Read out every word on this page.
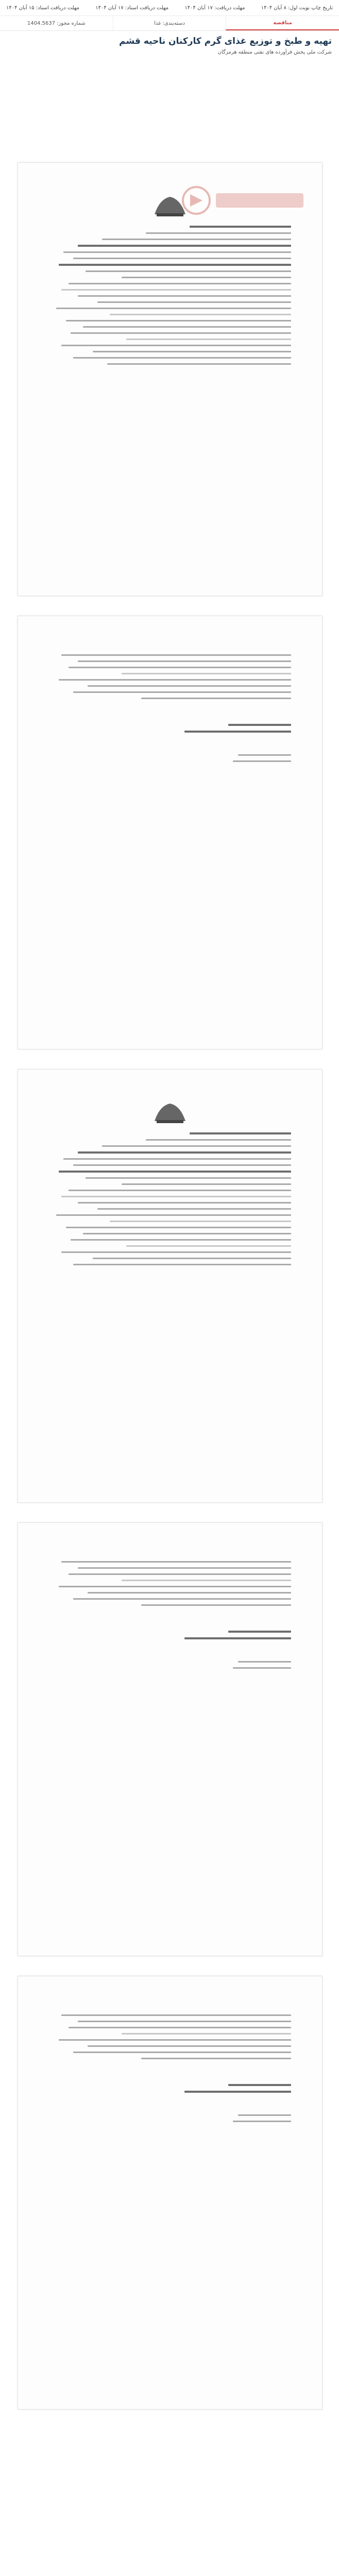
تاریخ چاپ نوبت اول: ۸ آبان ۱۴۰۴
مهلت دریافت: ۱۷ آبان ۱۴۰۴
مهلت دریافت اسناد: ۱۷ آبان ۱۴۰۴
مهلت دریافت اسناد: ۱۵ آبان ۱۴۰۴
مناقصه
دسته‌بندی: غذا
شماره مجوز: 1404.5637
تهیه و طبخ و توزیع غذای گرم کارکنان ناحیه قشم
شرکت ملی پخش فرآورده های نفتی منطقه هرمزگان
